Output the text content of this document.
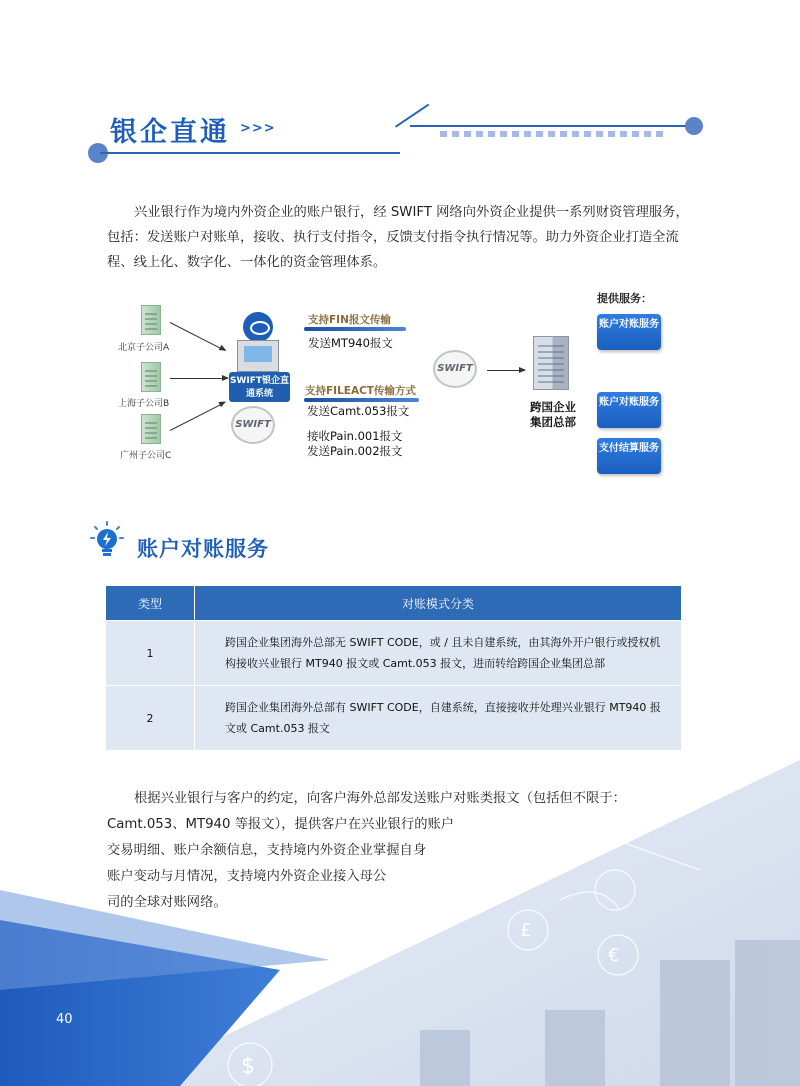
银企直通 >>>
兴业银行作为境内外资企业的账户银行，经 SWIFT 网络向外资企业提供一系列财资管理服务，包括：发送账户对账单，接收、执行支付指令，反馈支付指令执行情况等。助力外资企业打造全流程、线上化、数字化、一体化的资金管理体系。
北京子公司A
上海子公司B
广州子公司C
SWIFT银企直通系统
SWIFT
支持FIN报文传输
发送MT940报文
支持FILEACT传输方式
发送Camt.053报文
接收Pain.001报文
发送Pain.002报文
SWIFT
跨国企业集团总部
提供服务：
账户对账服务
账户对账服务
支付结算服务
账户对账服务
类型	对账模式分类
1	跨国企业集团海外总部无 SWIFT CODE，或 / 且未自建系统，由其海外开户银行或授权机构接收兴业银行 MT940 报文或 Camt.053 报文，进而转给跨国企业集团总部
2	跨国企业集团海外总部有 SWIFT CODE，自建系统，直接接收并处理兴业银行 MT940 报文或 Camt.053 报文
£
€
$
根据兴业银行与客户的约定，向客户海外总部发送账户对账类报文（包括但不限于：
Camt.053、MT940 等报文），提供客户在兴业银行的账户
交易明细、账户余额信息，支持境内外资企业掌握自身
账户变动与月情况，支持境内外资企业接入母公
司的全球对账网络。
40
